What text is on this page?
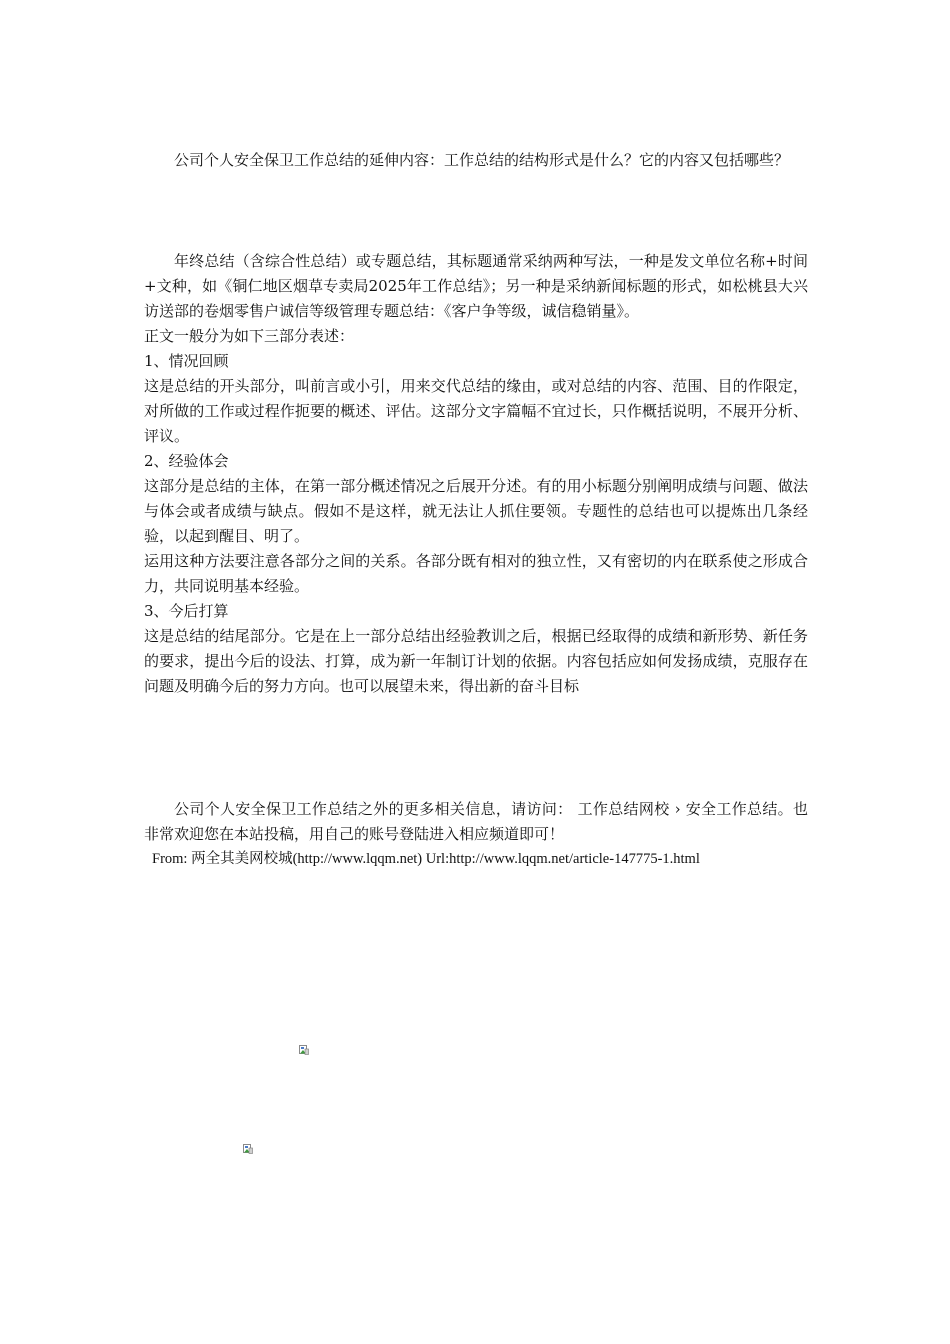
公司个人安全保卫工作总结的延伸内容：工作总结的结构形式是什么？它的内容又包括哪些？

年终总结（含综合性总结）或专题总结，其标题通常采纳两种写法，一种是发文单位名称+时间+文种，如《铜仁地区烟草专卖局2025年工作总结》；另一种是采纳新闻标题的形式，如松桃县大兴访送部的卷烟零售户诚信等级管理专题总结：《客户争等级，诚信稳销量》。

正文一般分为如下三部分表述：

1、情况回顾

这是总结的开头部分，叫前言或小引，用来交代总结的缘由，或对总结的内容、范围、目的作限定，对所做的工作或过程作扼要的概述、评估。这部分文字篇幅不宜过长，只作概括说明，不展开分析、评议。

2、经验体会

这部分是总结的主体，在第一部分概述情况之后展开分述。有的用小标题分别阐明成绩与问题、做法与体会或者成绩与缺点。假如不是这样，就无法让人抓住要领。专题性的总结也可以提炼出几条经验，以起到醒目、明了。

运用这种方法要注意各部分之间的关系。各部分既有相对的独立性，又有密切的内在联系使之形成合力，共同说明基本经验。

3、今后打算

这是总结的结尾部分。它是在上一部分总结出经验教训之后，根据已经取得的成绩和新形势、新任务的要求，提出今后的设法、打算，成为新一年制订计划的依据。内容包括应如何发扬成绩，克服存在问题及明确今后的努力方向。也可以展望未来，得出新的奋斗目标

公司个人安全保卫工作总结之外的更多相关信息，请访问： 工作总结网校 › 安全工作总结。也非常欢迎您在本站投稿，用自己的账号登陆进入相应频道即可！

From: 两全其美网校城(http://www.lqqm.net) Url:http://www.lqqm.net/article-147775-1.html
